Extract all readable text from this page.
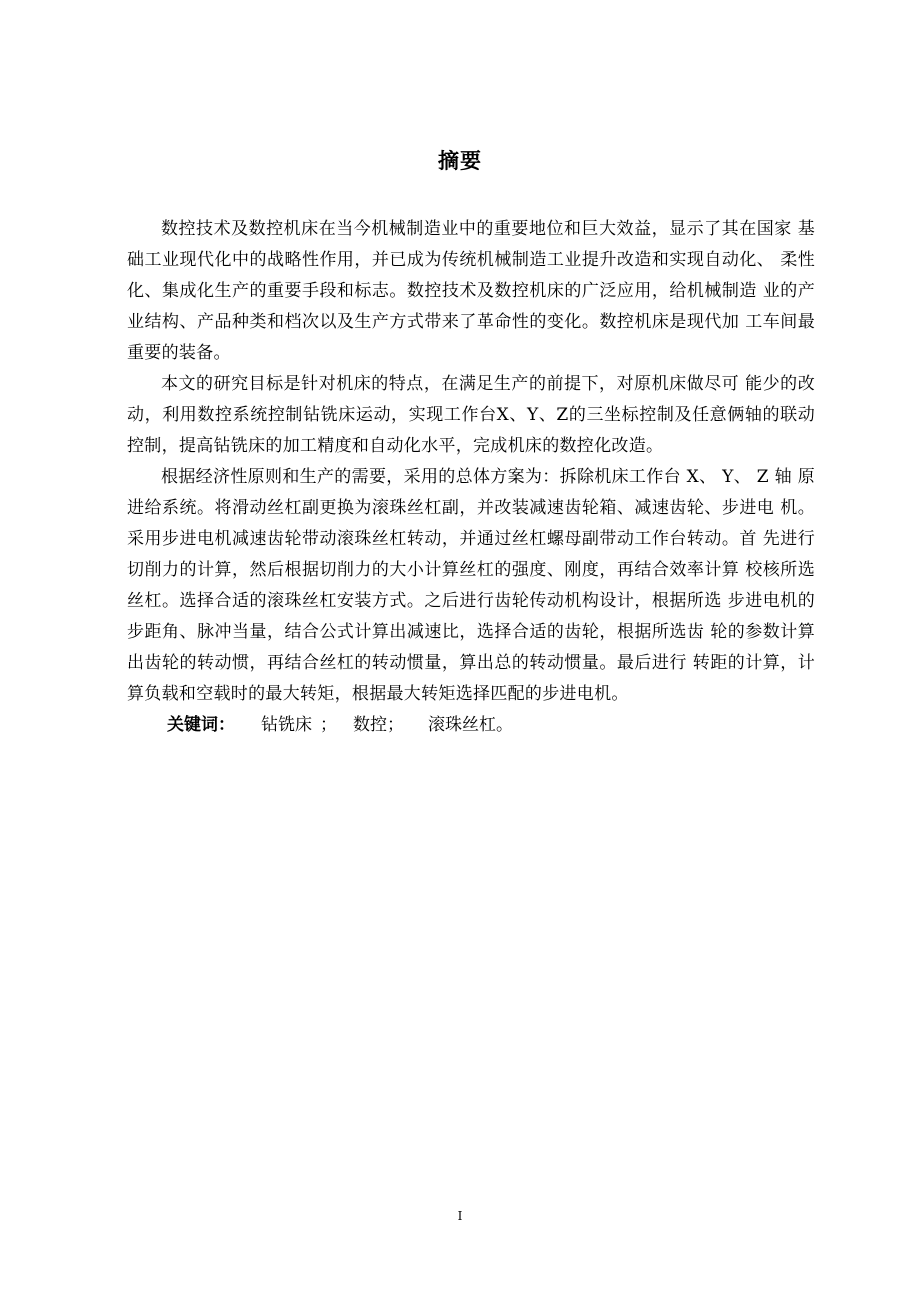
摘要

数控技术及数控机床在当今机械制造业中的重要地位和巨大效益，显示了其在国家 基础工业现代化中的战略性作用，并已成为传统机械制造工业提升改造和实现自动化、 柔性化、集成化生产的重要手段和标志。数控技术及数控机床的广泛应用，给机械制造 业的产业结构、产品种类和档次以及生产方式带来了革命性的变化。数控机床是现代加 工车间最重要的装备。

本文的研究目标是针对机床的特点，在满足生产的前提下，对原机床做尽可 能少的改动，利用数控系统控制钻铣床运动，实现工作台X、Y、Z的三坐标控制及任意俩轴的联动控制，提高钻铣床的加工精度和自动化水平，完成机床的数控化改造。

根据经济性原则和生产的需要，采用的总体方案为：拆除机床工作台 X、 Y、 Z 轴 原进给系统。将滑动丝杠副更换为滚珠丝杠副，并改装减速齿轮箱、减速齿轮、步进电 机。采用步进电机减速齿轮带动滚珠丝杠转动，并通过丝杠螺母副带动工作台转动。首 先进行切削力的计算，然后根据切削力的大小计算丝杠的强度、刚度，再结合效率计算 校核所选丝杠。选择合适的滚珠丝杠安装方式。之后进行齿轮传动机构设计，根据所选 步进电机的步距角、脉冲当量，结合公式计算出减速比，选择合适的齿轮，根据所选齿 轮的参数计算出齿轮的转动惯，再结合丝杠的转动惯量，算出总的转动惯量。最后进行 转距的计算，计算负载和空载时的最大转矩，根据最大转矩选择匹配的步进电机。

关键词： 钻铣床 ； 数控； 滚珠丝杠。

I
